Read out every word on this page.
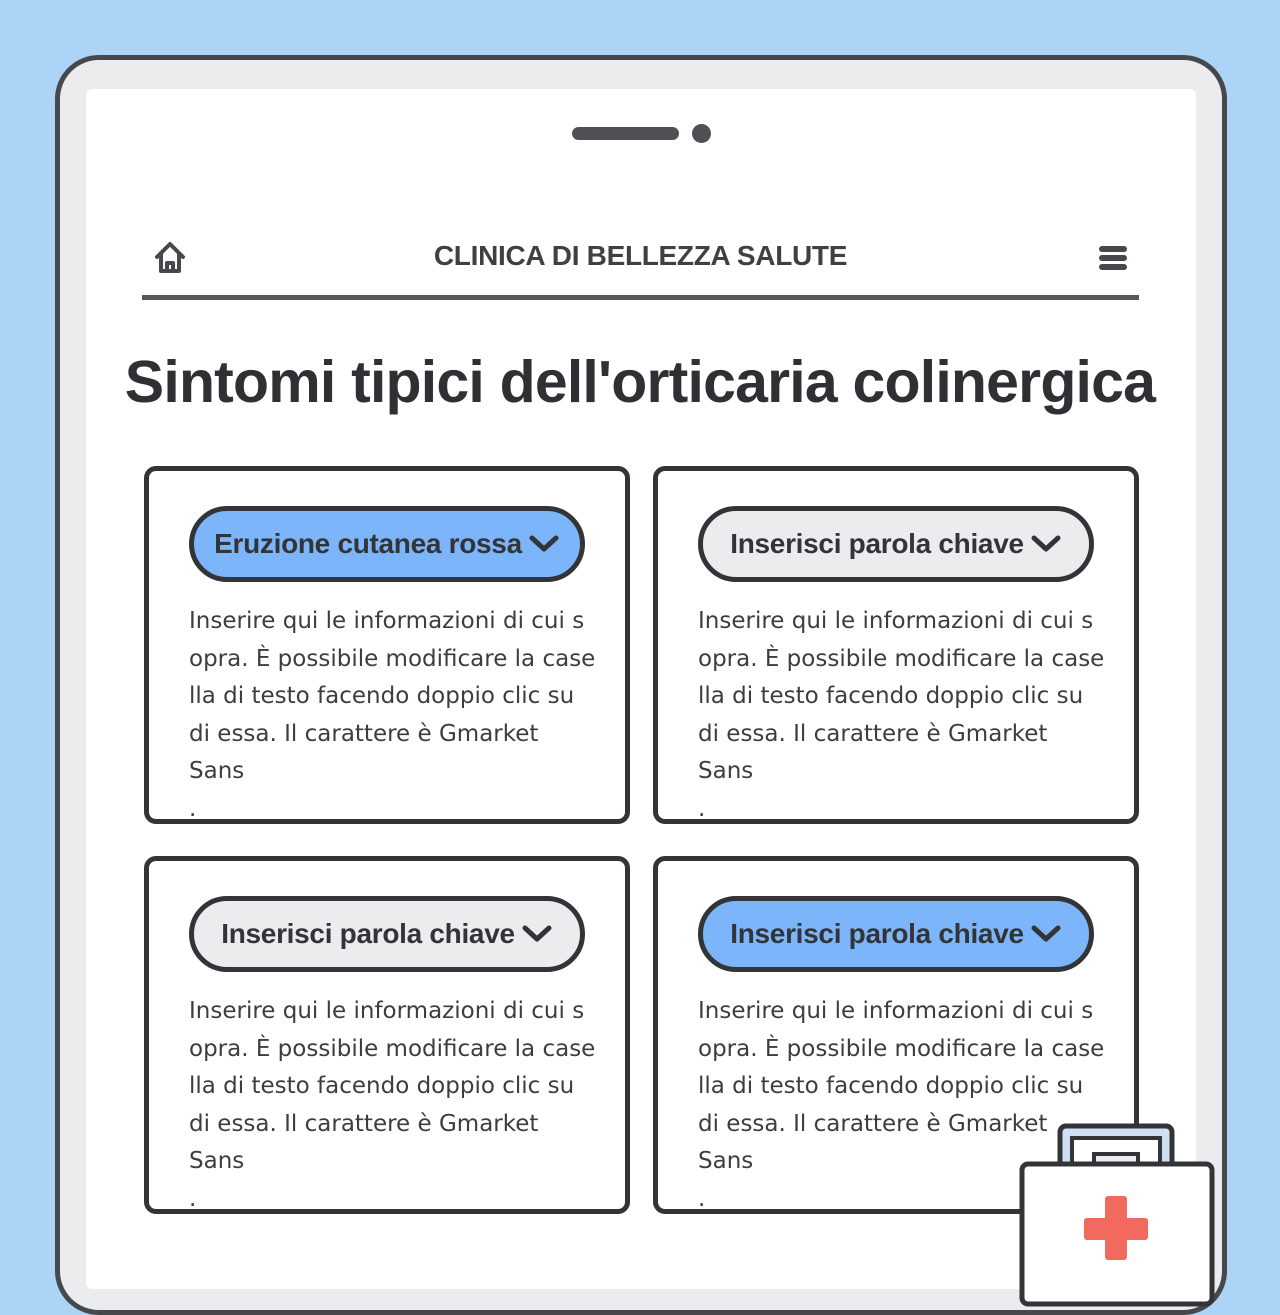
CLINICA DI BELLEZZA SALUTE
Sintomi tipici dell'orticaria colinergica
Eruzione cutanea rossa

Inserire qui le informazioni di cui s
opra. È possibile modificare la case
lla di testo facendo doppio clic su
di essa. Il carattere è Gmarket Sans
.

Inserisci parola chiave

Inserire qui le informazioni di cui s
opra. È possibile modificare la case
lla di testo facendo doppio clic su
di essa. Il carattere è Gmarket Sans
.

Inserisci parola chiave

Inserire qui le informazioni di cui s
opra. È possibile modificare la case
lla di testo facendo doppio clic su
di essa. Il carattere è Gmarket Sans
.

Inserisci parola chiave

Inserire qui le informazioni di cui s
opra. È possibile modificare la case
lla di testo facendo doppio clic su
di essa. Il carattere è Gmarket Sans
.
